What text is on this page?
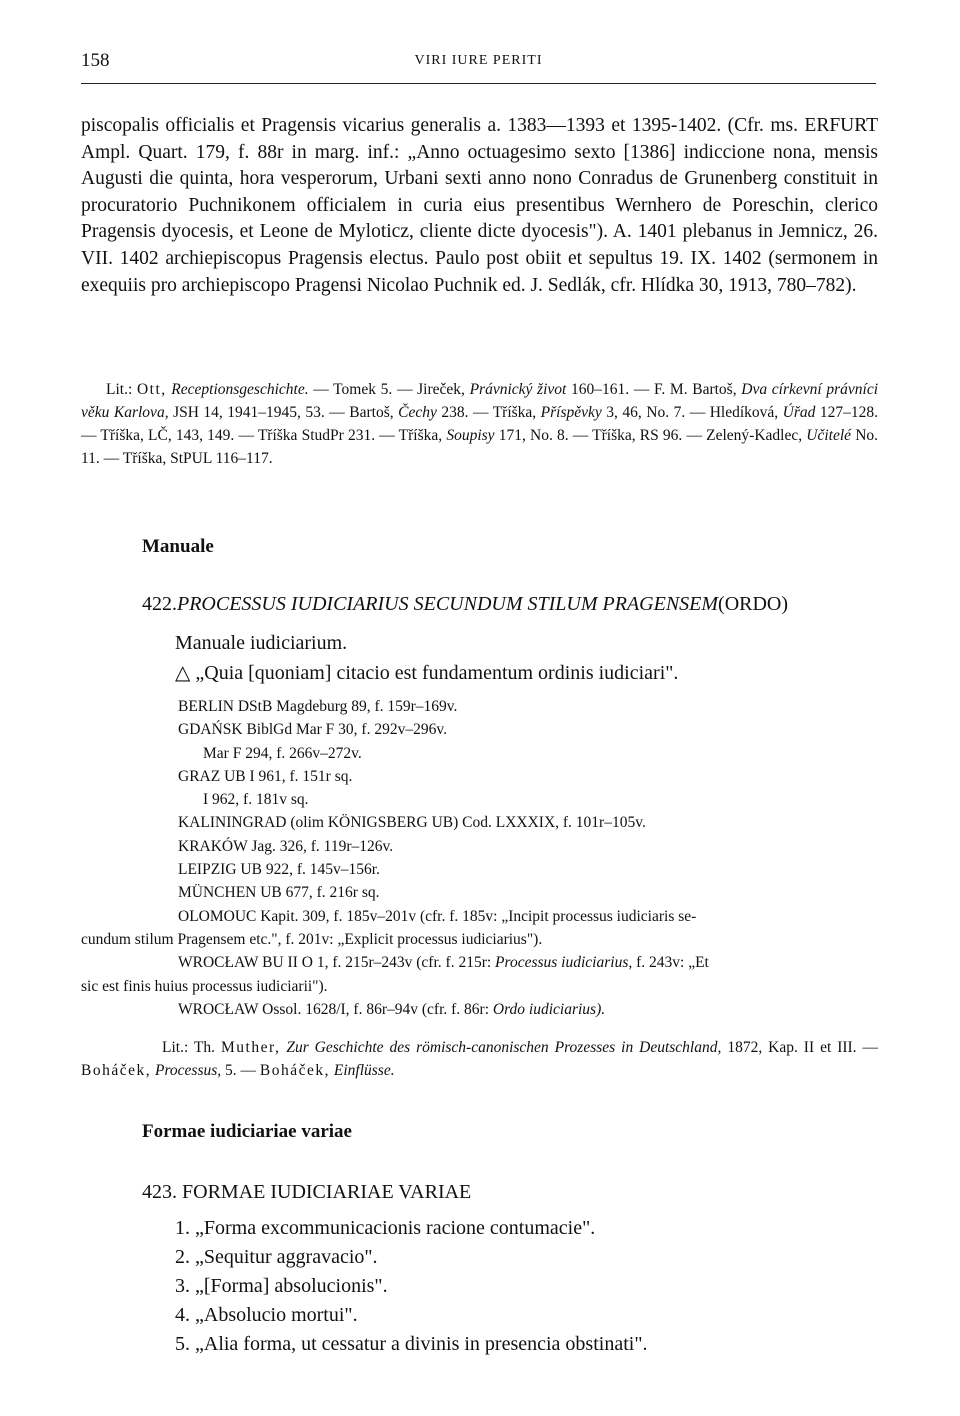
158	VIRI IURE PERITI

piscopalis officialis et Pragensis vicarius generalis a. 1383—1393 et 1395-1402. (Cfr. ms. ERFURT Ampl. Quart. 179, f. 88r in marg. inf.: „Anno octuagesimo sexto [1386] indiccione nona, mensis Augusti die quinta, hora vesperorum, Urbani sexti anno nono Conradus de Grunenberg constituit in procuratorio Puchnikonem officialem in curia eius presentibus Wernhero de Poreschin, clerico Pragensis dyocesis, et Leone de Myloticz, cliente dicte dyocesis"). A. 1401 plebanus in Jemnicz, 26. VII. 1402 archiepiscopus Pragensis electus. Paulo post obiit et sepultus 19. IX. 1402 (sermonem in exequiis pro archiepiscopo Pragensi Nicolao Puchnik ed. J. Sedlák, cfr. Hlídka 30, 1913, 780–782).

Lit.: Ott, Receptionsgeschichte. — Tomek 5. — Jireček, Právnický život 160–161. — F. M. Bartoš, Dva církevní právníci věku Karlova, JSH 14, 1941–1945, 53. — Bartoš, Čechy 238. — Tříška, Příspěvky 3, 46, No. 7. — Hledíková, Úřad 127–128. — Tříška, LČ, 143, 149. — Tříška StudPr 231. — Tříška, Soupisy 171, No. 8. — Tříška, RS 96. — Zelený-Kadlec, Učitelé No. 11. — Tříška, StPUL 116–117.

Manuale

422.PROCESSUS IUDICIARIUS SECUNDUM STILUM PRAGENSEM(ORDO)

Manuale iudiciarium.

△ „Quia [quoniam] citacio est fundamentum ordinis iudiciari".

BERLIN DStB Magdeburg 89, f. 159r–169v.
GDAŃSK BiblGd Mar F 30, f. 292v–296v.
Mar F 294, f. 266v–272v.
GRAZ UB I 961, f. 151r sq.
I 962, f. 181v sq.
KALININGRAD (olim KÖNIGSBERG UB) Cod. LXXXIX, f. 101r–105v.
KRAKÓW Jag. 326, f. 119r–126v.
LEIPZIG UB 922, f. 145v–156r.
MÜNCHEN UB 677, f. 216r sq.
OLOMOUC Kapit. 309, f. 185v–201v (cfr. f. 185v: „Incipit processus iudiciaris se-
cundum stilum Pragensem etc.", f. 201v: „Explicit processus iudiciarius").
WROCŁAW BU II O 1, f. 215r–243v (cfr. f. 215r: Processus iudiciarius, f. 243v: „Et
sic est finis huius processus iudiciarii").
WROCŁAW Ossol. 1628/I, f. 86r–94v (cfr. f. 86r: Ordo iudiciarius).

Lit.: Th. Muther, Zur Geschichte des römisch-canonischen Prozesses in Deutschland, 1872, Kap. II et III. — Boháček, Processus, 5. — Boháček, Einflüsse.

Formae iudiciariae variae

423. FORMAE IUDICIARIAE VARIAE

1. „Forma excommunicacionis racione contumacie".
2. „Sequitur aggravacio".
3. „[Forma] absolucionis".
4. „Absolucio mortui".
5. „Alia forma, ut cessatur a divinis in presencia obstinati".
